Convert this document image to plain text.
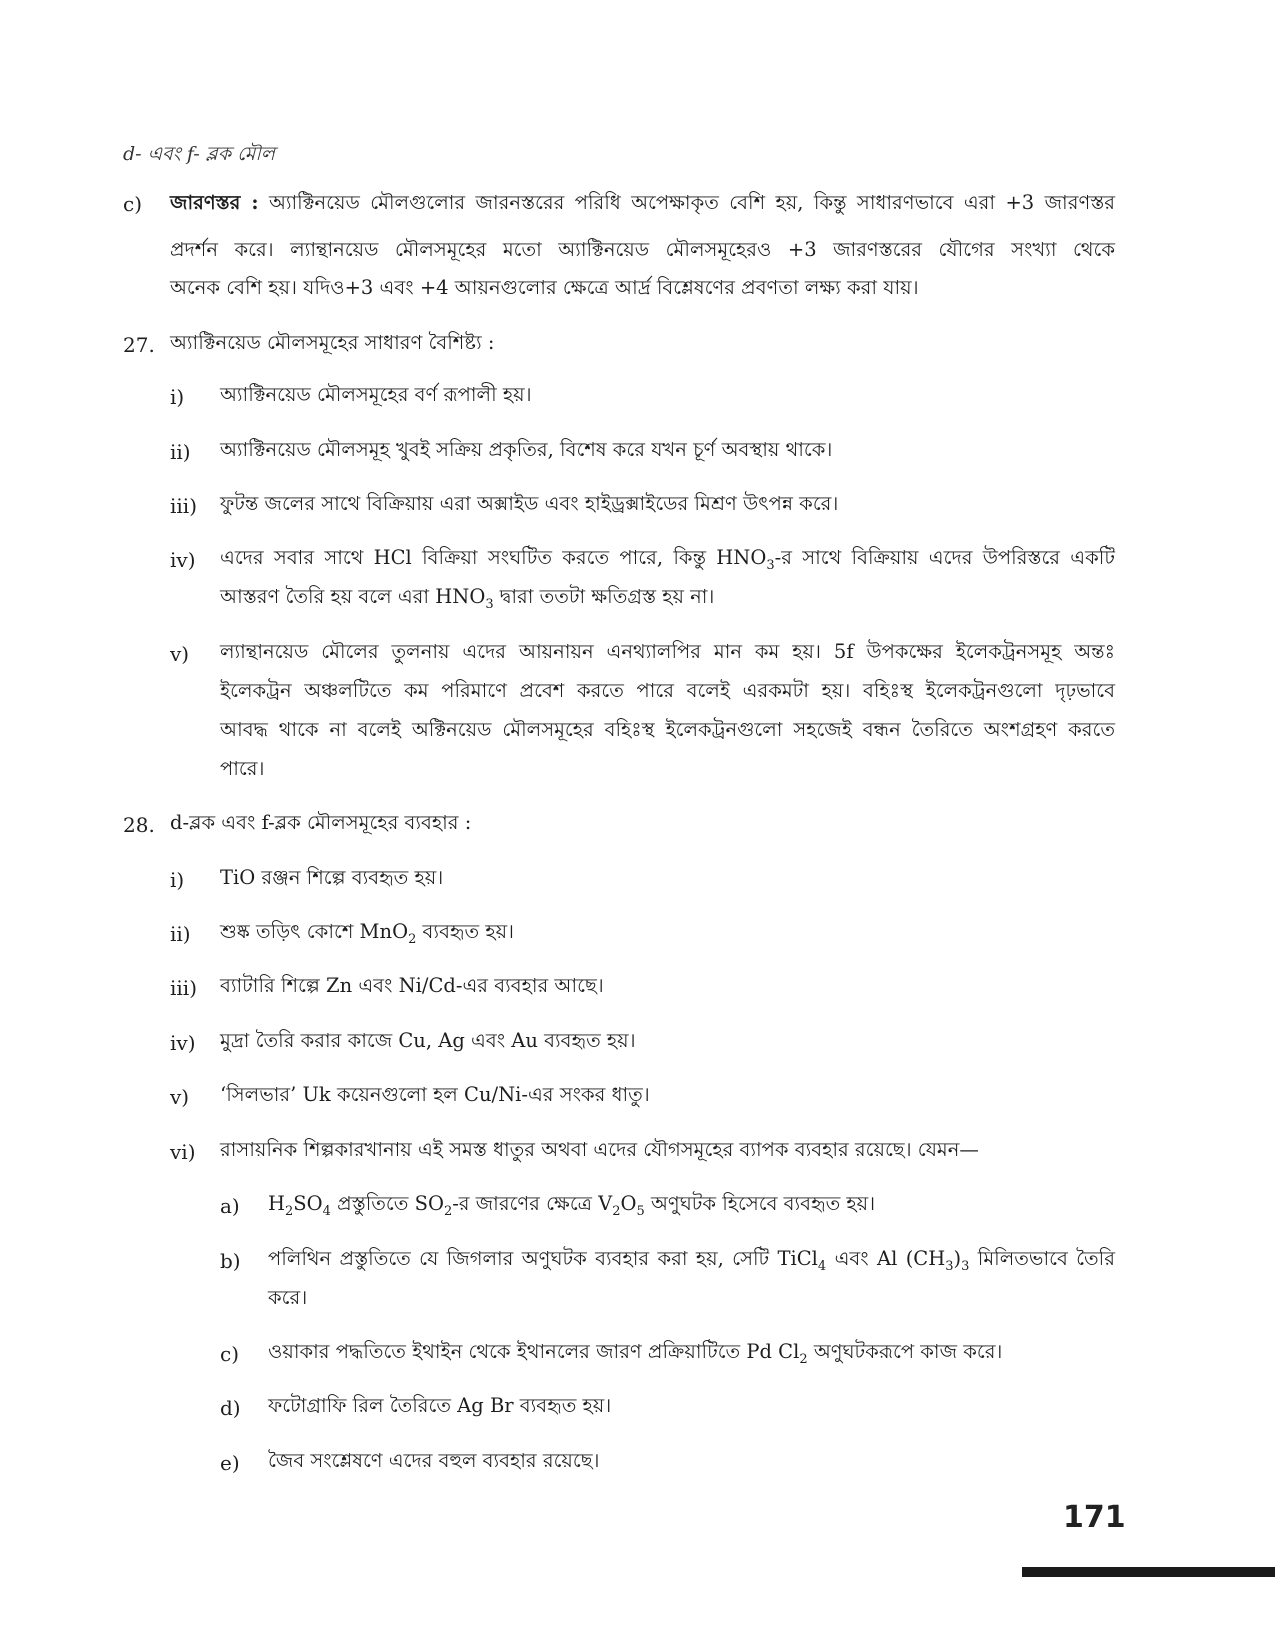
d- এবং f- ব্লক মৌল
c) জারণস্তর : অ্যাক্টিনয়েড মৌলগুলোর জারনস্তরের পরিধি অপেক্ষাকৃত বেশি হয়, কিন্তু সাধারণভাবে এরা +3 জারণস্তর
প্রদর্শন করে। ল্যান্থানয়েড মৌলসমূহের মতো অ্যাক্টিনয়েড মৌলসমূহেরও +3 জারণস্তরের যৌগের সংখ্যা থেকে
অনেক বেশি হয়। যদিও+3 এবং +4 আয়নগুলোর ক্ষেত্রে আর্দ্র বিশ্লেষণের প্রবণতা লক্ষ্য করা যায়।
27. অ্যাক্টিনয়েড মৌলসমূহের সাধারণ বৈশিষ্ট্য :
i) অ্যাক্টিনয়েড মৌলসমূহের বর্ণ রূপালী হয়।
ii) অ্যাক্টিনয়েড মৌলসমূহ খুবই সক্রিয় প্রকৃতির, বিশেষ করে যখন চূর্ণ অবস্থায় থাকে।
iii) ফুটন্ত জলের সাথে বিক্রিয়ায় এরা অক্সাইড এবং হাইড্রক্সাইডের মিশ্রণ উৎপন্ন করে।
iv) এদের সবার সাথে HCl বিক্রিয়া সংঘটিত করতে পারে, কিন্তু $HNO_3-র$ সাথে বিক্রিয়ায় এদের উপরিস্তরে একটি
আস্তরণ তৈরি হয় বলে এরা $HNO_3$ দ্বারা ততটা ক্ষতিগ্রস্ত হয় না।
v) ল্যান্থানয়েড মৌলের তুলনায় এদের আয়নায়ন এনথ্যালপির মান কম হয়। 5f উপকক্ষের ইলেকট্রনসমূহ অন্তঃ
ইলেকট্রন অঞ্চলটিতে কম পরিমাণে প্রবেশ করতে পারে বলেই এরকমটা হয়। বহিঃস্থ ইলেকট্রনগুলো দৃঢ়ভাবে
আবদ্ধ থাকে না বলেই অক্টিনয়েড মৌলসমূহের বহিঃস্থ ইলেকট্রনগুলো সহজেই বন্ধন তৈরিতে অংশগ্রহণ করতে
পারে।
28. d-ব্লক এবং f-ব্লক মৌলসমূহের ব্যবহার :
i) TiO রঞ্জন শিল্পে ব্যবহৃত হয়।
ii) শুষ্ক তড়িৎ কোশে MnO$_2$ ব্যবহৃত হয়।
iii) ব্যাটারি শিল্পে Zn এবং Ni/Cd-এর ব্যবহার আছে।
iv) মুদ্রা তৈরি করার কাজে Cu, Ag এবং Au ব্যবহৃত হয়।
v) ‘সিলভার’ Uk কয়েনগুলো হল Cu/Ni-এর সংকর ধাতু।
vi) রাসায়নিক শিল্পকারখানায় এই সমস্ত ধাতুর অথবা এদের যৌগসমূহের ব্যাপক ব্যবহার রয়েছে। যেমন—
a) $H_2SO_4$ প্রস্তুতিতে $SO_2-র$ জারণের ক্ষেত্রে $V_2O_5$ অণুঘটক হিসেবে ব্যবহৃত হয়।
b) পলিথিন প্রস্তুতিতে যে জিগলার অণুঘটক ব্যবহার করা হয়, সেটি TiCl$_4$ এবং Al $(CH_3)_3$ মিলিতভাবে তৈরি
করে।
c) ওয়াকার পদ্ধতিতে ইথাইন থেকে ইথানলের জারণ প্রক্রিয়াটিতে Pd $Cl_2$ অণুঘটকরূপে কাজ করে।
d) ফটোগ্রাফি রিল তৈরিতে Ag Br ব্যবহৃত হয়।
e) জৈব সংশ্লেষণে এদের বহুল ব্যবহার রয়েছে।
171
